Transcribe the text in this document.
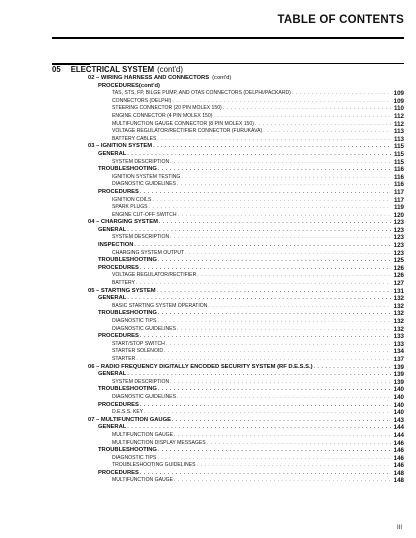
TABLE OF CONTENTS
05 ELECTRICAL SYSTEM (cont'd)
02 – WIRING HARNESS AND CONNECTORS (cont'd)
PROCEDURES (cont'd)
TAS, STS, FP, BILGE PUMP, AND OTAS CONNECTORS (DELPHI/PACKARD) . . .	109
CONNECTORS (DELPHI) . . .	109
STEERING CONNECTOR (20 PIN MOLEX 150) . . .	110
ENGINE CONNECTOR (4 PIN MOLEX 150) . . .	112
MULTIFUNCTION GAUGE CONNECTOR (8 PIN MOLEX 150) . . .	112
VOLTAGE REGULATOR/RECTIFIER CONNECTOR (FURUKAVA) . . .	113
BATTERY CABLES . . .	113
03 – IGNITION SYSTEM . . .	115
GENERAL . . .	115
SYSTEM DESCRIPTION . . .	115
TROUBLESHOOTING . . .	116
IGNITION SYSTEM TESTING . . .	116
DIAGNOSTIC GUIDELINES . . .	116
PROCEDURES . . .	117
IGNITION COILS . . .	117
SPARK PLUGS . . .	119
ENGINE CUT-OFF SWITCH . . .	120
04 – CHARGING SYSTEM . . .	123
GENERAL . . .	123
SYSTEM DESCRIPTION . . .	123
INSPECTION . . .	123
CHARGING SYSTEM OUTPUT . . .	123
TROUBLESHOOTING . . .	125
PROCEDURES . . .	126
VOLTAGE REGULATOR/RECTIFIER . . .	126
BATTERY . . .	127
05 – STARTING SYSTEM . . .	131
GENERAL . . .	132
BASIC STARTING SYSTEM OPERATION . . .	132
TROUBLESHOOTING . . .	132
DIAGNOSTIC TIPS . . .	132
DIAGNOSTIC GUIDELINES . . .	132
PROCEDURES . . .	133
START/STOP SWITCH . . .	133
STARTER SOLENOID . . .	134
STARTER . . .	137
06 – RADIO FREQUENCY DIGITALLY ENCODED SECURITY SYSTEM (RF D.E.S.S.) . . .	139
GENERAL . . .	139
SYSTEM DESCRIPTION . . .	139
TROUBLESHOOTING . . .	140
DIAGNOSTIC GUIDELINES . . .	140
PROCEDURES . . .	140
D.E.S.S. KEY . . .	140
07 – MULTIFUNCTION GAUGE . . .	143
GENERAL . . .	144
MULTIFUNCTION GAUGE . . .	144
MULTIFUNCTION DISPLAY MESSAGES . . .	146
TROUBLESHOOTING . . .	146
DIAGNOSTIC TIPS . . .	146
TROUBLESHOOTING GUIDELINES . . .	146
PROCEDURES . . .	148
MULTIFUNCTION GAUGE . . .	148
III
